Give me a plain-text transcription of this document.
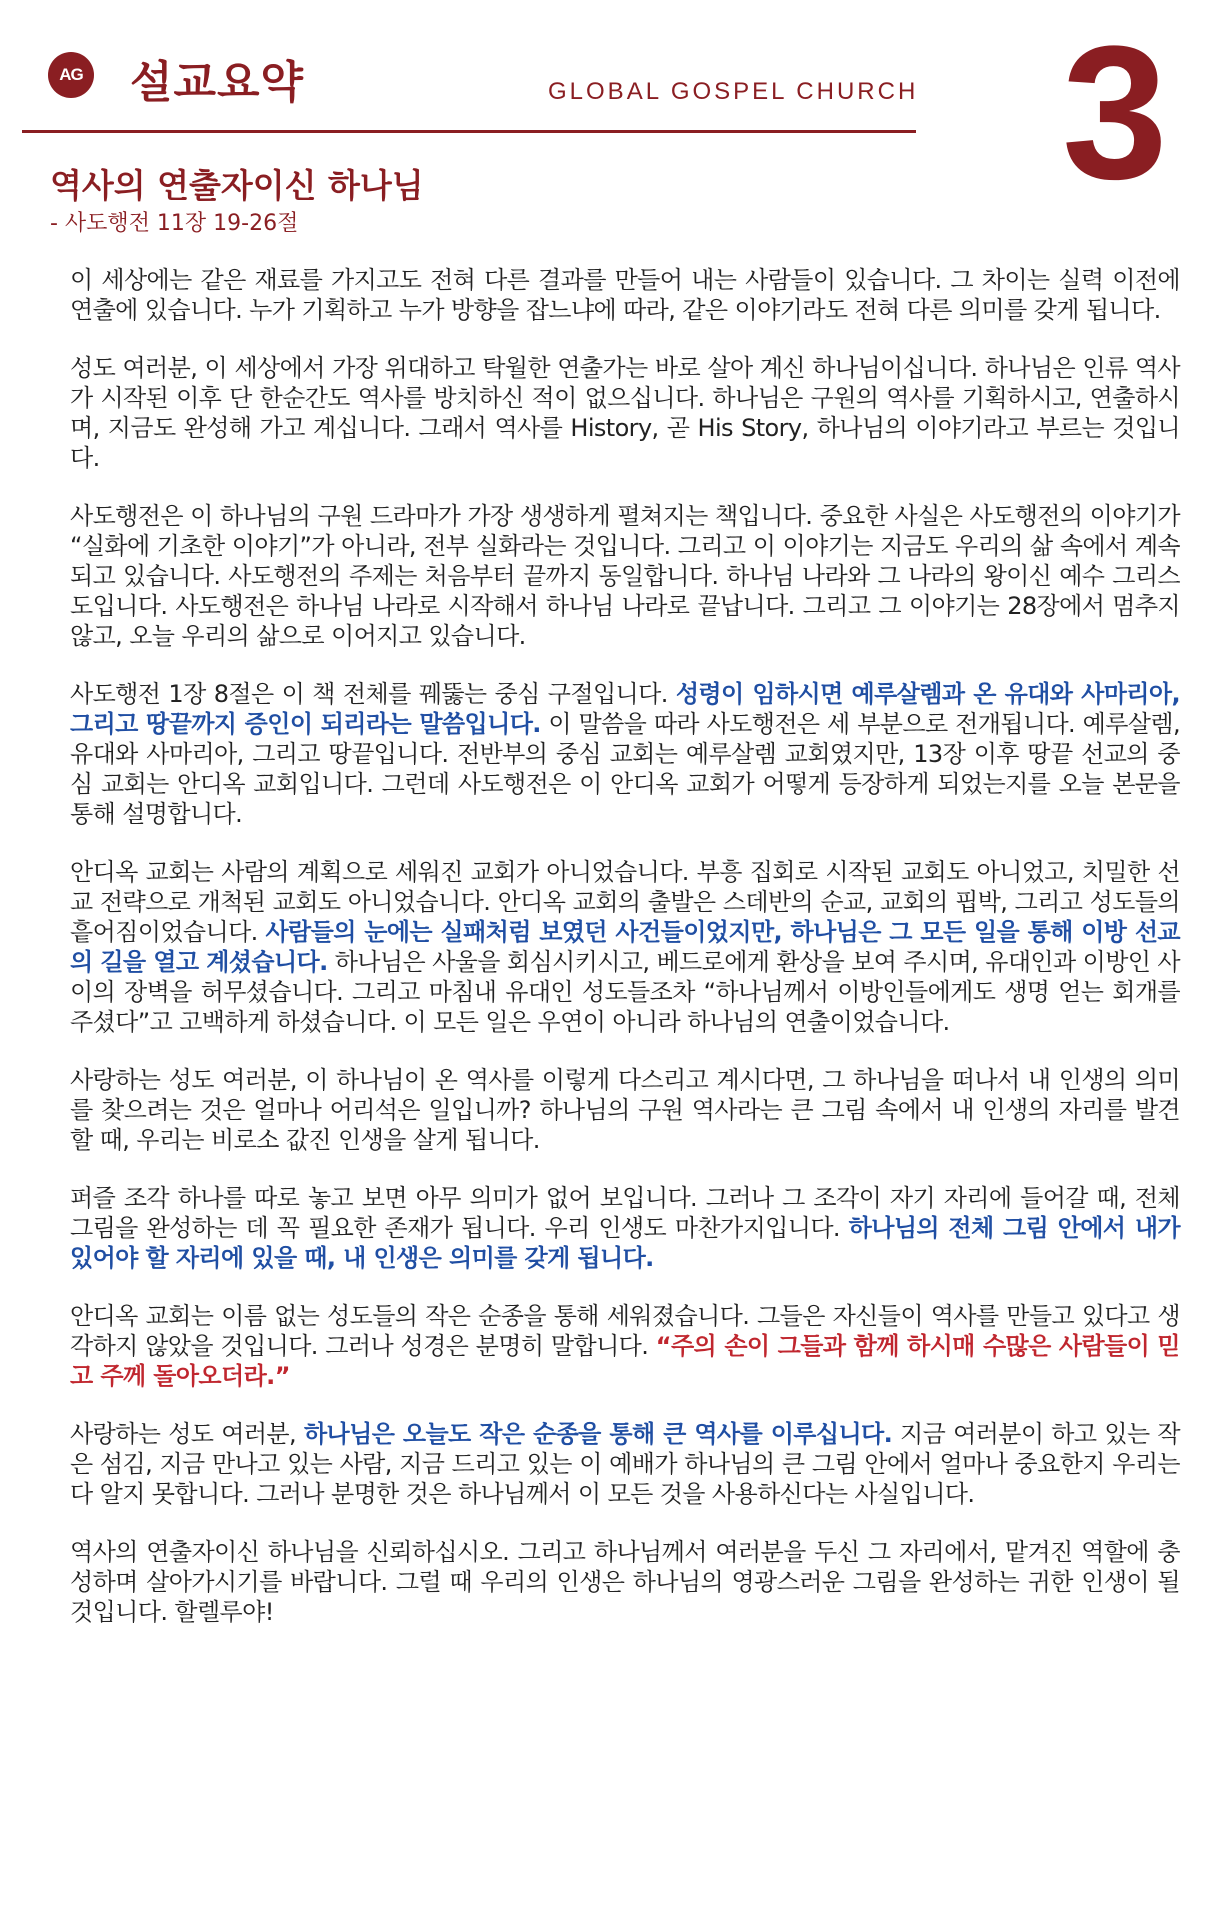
AG 설교요약	GLOBAL GOSPEL CHURCH 3
역사의 연출자이신 하나님
- 사도행전 11장 19-26절

이 세상에는 같은 재료를 가지고도 전혀 다른 결과를 만들어 내는 사람들이 있습니다. 그 차이는 실력 이전에 연출에 있습니다. 누가 기획하고 누가 방향을 잡느냐에 따라, 같은 이야기라도 전혀 다른 의미를 갖게 됩니다.

성도 여러분, 이 세상에서 가장 위대하고 탁월한 연출가는 바로 살아 계신 하나님이십니다. 하나님은 인류 역사가 시작된 이후 단 한순간도 역사를 방치하신 적이 없으십니다. 하나님은 구원의 역사를 기획하시고, 연출하시며, 지금도 완성해 가고 계십니다. 그래서 역사를 History, 곧 His Story, 하나님의 이야기라고 부르는 것입니다.

사도행전은 이 하나님의 구원 드라마가 가장 생생하게 펼쳐지는 책입니다. 중요한 사실은 사도행전의 이야기가 “실화에 기초한 이야기”가 아니라, 전부 실화라는 것입니다. 그리고 이 이야기는 지금도 우리의 삶 속에서 계속되고 있습니다. 사도행전의 주제는 처음부터 끝까지 동일합니다. 하나님 나라와 그 나라의 왕이신 예수 그리스도입니다. 사도행전은 하나님 나라로 시작해서 하나님 나라로 끝납니다. 그리고 그 이야기는 28장에서 멈추지 않고, 오늘 우리의 삶으로 이어지고 있습니다.

사도행전 1장 8절은 이 책 전체를 꿰뚫는 중심 구절입니다. 성령이 임하시면 예루살렘과 온 유대와 사마리아, 그리고 땅끝까지 증인이 되리라는 말씀입니다. 이 말씀을 따라 사도행전은 세 부분으로 전개됩니다. 예루살렘, 유대와 사마리아, 그리고 땅끝입니다. 전반부의 중심 교회는 예루살렘 교회였지만, 13장 이후 땅끝 선교의 중심 교회는 안디옥 교회입니다. 그런데 사도행전은 이 안디옥 교회가 어떻게 등장하게 되었는지를 오늘 본문을 통해 설명합니다.

안디옥 교회는 사람의 계획으로 세워진 교회가 아니었습니다. 부흥 집회로 시작된 교회도 아니었고, 치밀한 선교 전략으로 개척된 교회도 아니었습니다. 안디옥 교회의 출발은 스데반의 순교, 교회의 핍박, 그리고 성도들의 흩어짐이었습니다. 사람들의 눈에는 실패처럼 보였던 사건들이었지만, 하나님은 그 모든 일을 통해 이방 선교의 길을 열고 계셨습니다. 하나님은 사울을 회심시키시고, 베드로에게 환상을 보여 주시며, 유대인과 이방인 사이의 장벽을 허무셨습니다. 그리고 마침내 유대인 성도들조차 “하나님께서 이방인들에게도 생명 얻는 회개를 주셨다”고 고백하게 하셨습니다. 이 모든 일은 우연이 아니라 하나님의 연출이었습니다.

사랑하는 성도 여러분, 이 하나님이 온 역사를 이렇게 다스리고 계시다면, 그 하나님을 떠나서 내 인생의 의미를 찾으려는 것은 얼마나 어리석은 일입니까? 하나님의 구원 역사라는 큰 그림 속에서 내 인생의 자리를 발견할 때, 우리는 비로소 값진 인생을 살게 됩니다.

퍼즐 조각 하나를 따로 놓고 보면 아무 의미가 없어 보입니다. 그러나 그 조각이 자기 자리에 들어갈 때, 전체 그림을 완성하는 데 꼭 필요한 존재가 됩니다. 우리 인생도 마찬가지입니다. 하나님의 전체 그림 안에서 내가 있어야 할 자리에 있을 때, 내 인생은 의미를 갖게 됩니다.

안디옥 교회는 이름 없는 성도들의 작은 순종을 통해 세워졌습니다. 그들은 자신들이 역사를 만들고 있다고 생각하지 않았을 것입니다. 그러나 성경은 분명히 말합니다. “주의 손이 그들과 함께 하시매 수많은 사람들이 믿고 주께 돌아오더라.”

사랑하는 성도 여러분, 하나님은 오늘도 작은 순종을 통해 큰 역사를 이루십니다. 지금 여러분이 하고 있는 작은 섬김, 지금 만나고 있는 사람, 지금 드리고 있는 이 예배가 하나님의 큰 그림 안에서 얼마나 중요한지 우리는 다 알지 못합니다. 그러나 분명한 것은 하나님께서 이 모든 것을 사용하신다는 사실입니다.

역사의 연출자이신 하나님을 신뢰하십시오. 그리고 하나님께서 여러분을 두신 그 자리에서, 맡겨진 역할에 충성하며 살아가시기를 바랍니다. 그럴 때 우리의 인생은 하나님의 영광스러운 그림을 완성하는 귀한 인생이 될 것입니다. 할렐루야!
